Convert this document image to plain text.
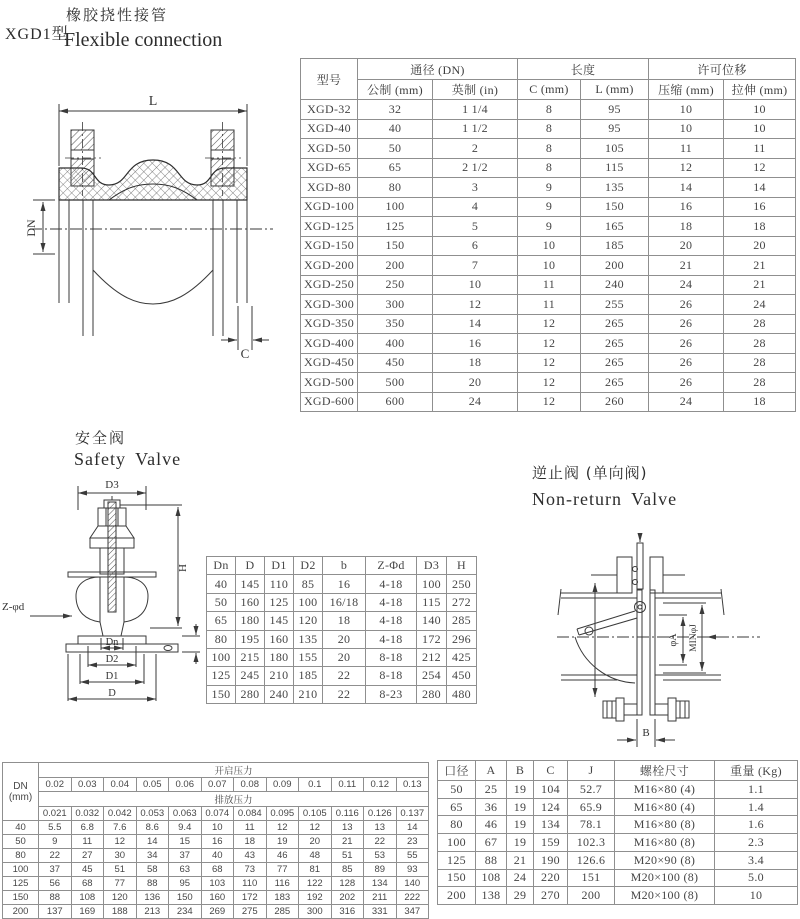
XGD1型
橡胶挠性接管
Flexible connection
L
DN
C
型号	通径 (DN)		长度		许可位移	
	公制 (mm)	英制 (in)	C (mm)	L (mm)	压缩 (mm)	拉伸 (mm)
XGD-32	32	1 1/4	8	95	10	10
XGD-40	40	1 1/2	8	95	10	10
XGD-50	50	2	8	105	11	11
XGD-65	65	2 1/2	8	115	12	12
XGD-80	80	3	9	135	14	14
XGD-100	100	4	9	150	16	16
XGD-125	125	5	9	165	18	18
XGD-150	150	6	10	185	20	20
XGD-200	200	7	10	200	21	21
XGD-250	250	10	11	240	24	21
XGD-300	300	12	11	255	26	24
XGD-350	350	14	12	265	26	28
XGD-400	400	16	12	265	26	28
XGD-450	450	18	12	265	26	28
XGD-500	500	20	12	265	26	28
XGD-600	600	24	12	260	24	18
安全阀
Safety Valve
D3
H
Z-φd
Dn
D2
D1
D
Dn	D	D1	D2	b	Z-Φd	D3	H
40	145	110	85	16	4-18	100	250
50	160	125	100	16/18	4-18	115	272
65	180	145	120	18	4-18	140	285
80	195	160	135	20	4-18	172	296
100	215	180	155	20	8-18	212	425
125	245	210	185	22	8-18	254	450
150	280	240	210	22	8-23	280	480
逆止阀 (单向阀)
Non-return Valve
φA MINφJ
B
DN
(mm)	开启压力											
	0.02	0.03	0.04	0.05	0.06	0.07	0.08	0.09	0.1	0.11	0.12	0.13
	排放压力											
	0.021	0.032	0.042	0.053	0.063	0.074	0.084	0.095	0.105	0.116	0.126	0.137
40	5.5	6.8	7.6	8.6	9.4	10	11	12	12	13	13	14
50	9	11	12	14	15	16	18	19	20	21	22	23
80	22	27	30	34	37	40	43	46	48	51	53	55
100	37	45	51	58	63	68	73	77	81	85	89	93
125	56	68	77	88	95	103	110	116	122	128	134	140
150	88	108	120	136	150	160	172	183	192	202	211	222
200	137	169	188	213	234	269	275	285	300	316	331	347
口径	A	B	C	J	螺栓尺寸	重量 (Kg)
50	25	19	104	52.7	M16×80 (4)	1.1
65	36	19	124	65.9	M16×80 (4)	1.4
80	46	19	134	78.1	M16×80 (8)	1.6
100	67	19	159	102.3	M16×80 (8)	2.3
125	88	21	190	126.6	M20×90 (8)	3.4
150	108	24	220	151	M20×100 (8)	5.0
200	138	29	270	200	M20×100 (8)	10
